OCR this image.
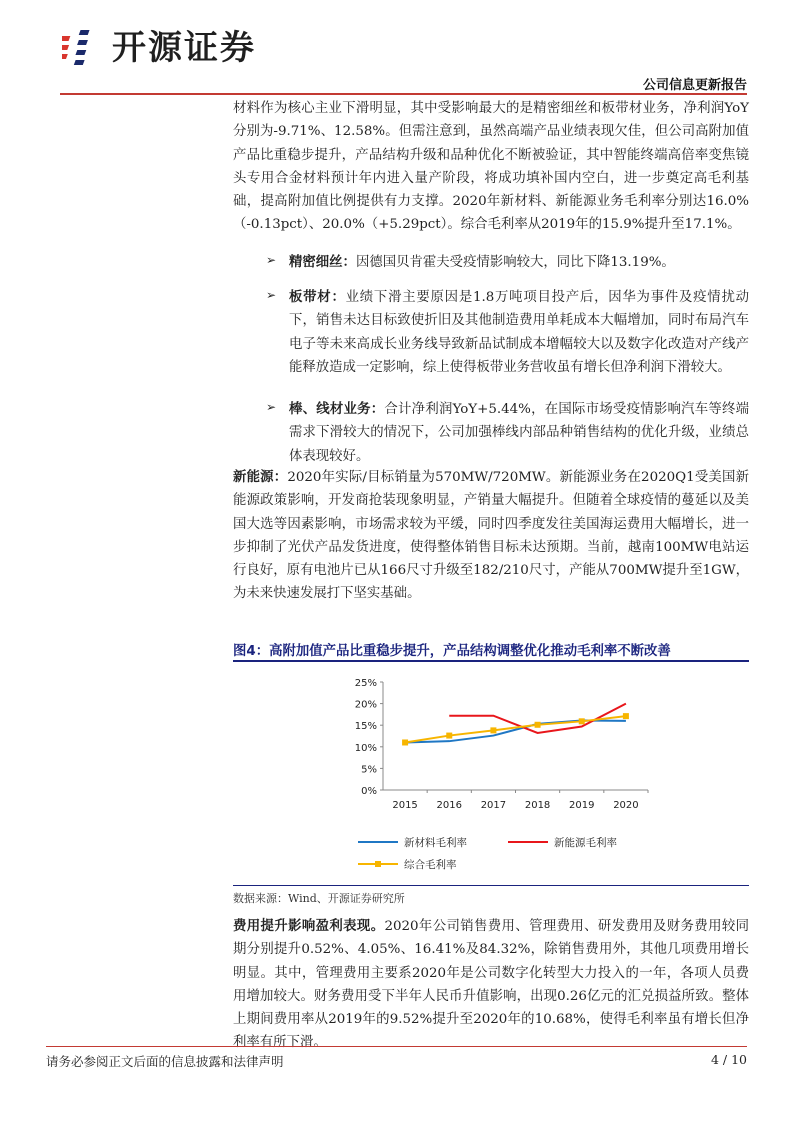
开源证券
公司信息更新报告

材料作为核心主业下滑明显，其中受影响最大的是精密细丝和板带材业务，净利润YoY分别为-9.71%、12.58%。但需注意到，虽然高端产品业绩表现欠佳，但公司高附加值产品比重稳步提升，产品结构升级和品种优化不断被验证，其中智能终端高倍率变焦镜头专用合金材料预计年内进入量产阶段，将成功填补国内空白，进一步奠定高毛利基础，提高附加值比例提供有力支撑。2020年新材料、新能源业务毛利率分别达16.0%（-0.13pct）、20.0%（+5.29pct）。综合毛利率从2019年的15.9%提升至17.1%。

➢ 精密细丝：因德国贝肯霍夫受疫情影响较大，同比下降13.19%。

➢ 板带材：业绩下滑主要原因是1.8万吨项目投产后，因华为事件及疫情扰动下，销售未达目标致使折旧及其他制造费用单耗成本大幅增加，同时布局汽车电子等未来高成长业务线导致新品试制成本增幅较大以及数字化改造对产线产能释放造成一定影响，综上使得板带业务营收虽有增长但净利润下滑较大。

➢ 棒、线材业务：合计净利润YoY+5.44%，在国际市场受疫情影响汽车等终端需求下滑较大的情况下，公司加强棒线内部品种销售结构的优化升级，业绩总体表现较好。

新能源：2020年实际/目标销量为570MW/720MW。新能源业务在2020Q1受美国新能源政策影响，开发商抢装现象明显，产销量大幅提升。但随着全球疫情的蔓延以及美国大选等因素影响，市场需求较为平缓，同时四季度发往美国海运费用大幅增长，进一步抑制了光伏产品发货进度，使得整体销售目标未达预期。当前，越南100MW电站运行良好，原有电池片已从166尺寸升级至182/210尺寸，产能从700MW提升至1GW，为未来快速发展打下坚实基础。

图4：高附加值产品比重稳步提升，产品结构调整优化推动毛利率不断改善
0%
5%
10%
15%
20%
25%
2015 2016 2017 2018 2019 2020
新材料毛利率	新能源毛利率
综合毛利率
数据来源：Wind、开源证券研究所

费用提升影响盈利表现。2020年公司销售费用、管理费用、研发费用及财务费用较同期分别提升0.52%、4.05%、16.41%及84.32%，除销售费用外，其他几项费用增长明显。其中，管理费用主要系2020年是公司数字化转型大力投入的一年，各项人员费用增加较大。财务费用受下半年人民币升值影响，出现0.26亿元的汇兑损益所致。整体上期间费用率从2019年的9.52%提升至2020年的10.68%，使得毛利率虽有增长但净利率有所下滑。

请务必参阅正文后面的信息披露和法律声明	4 / 10
